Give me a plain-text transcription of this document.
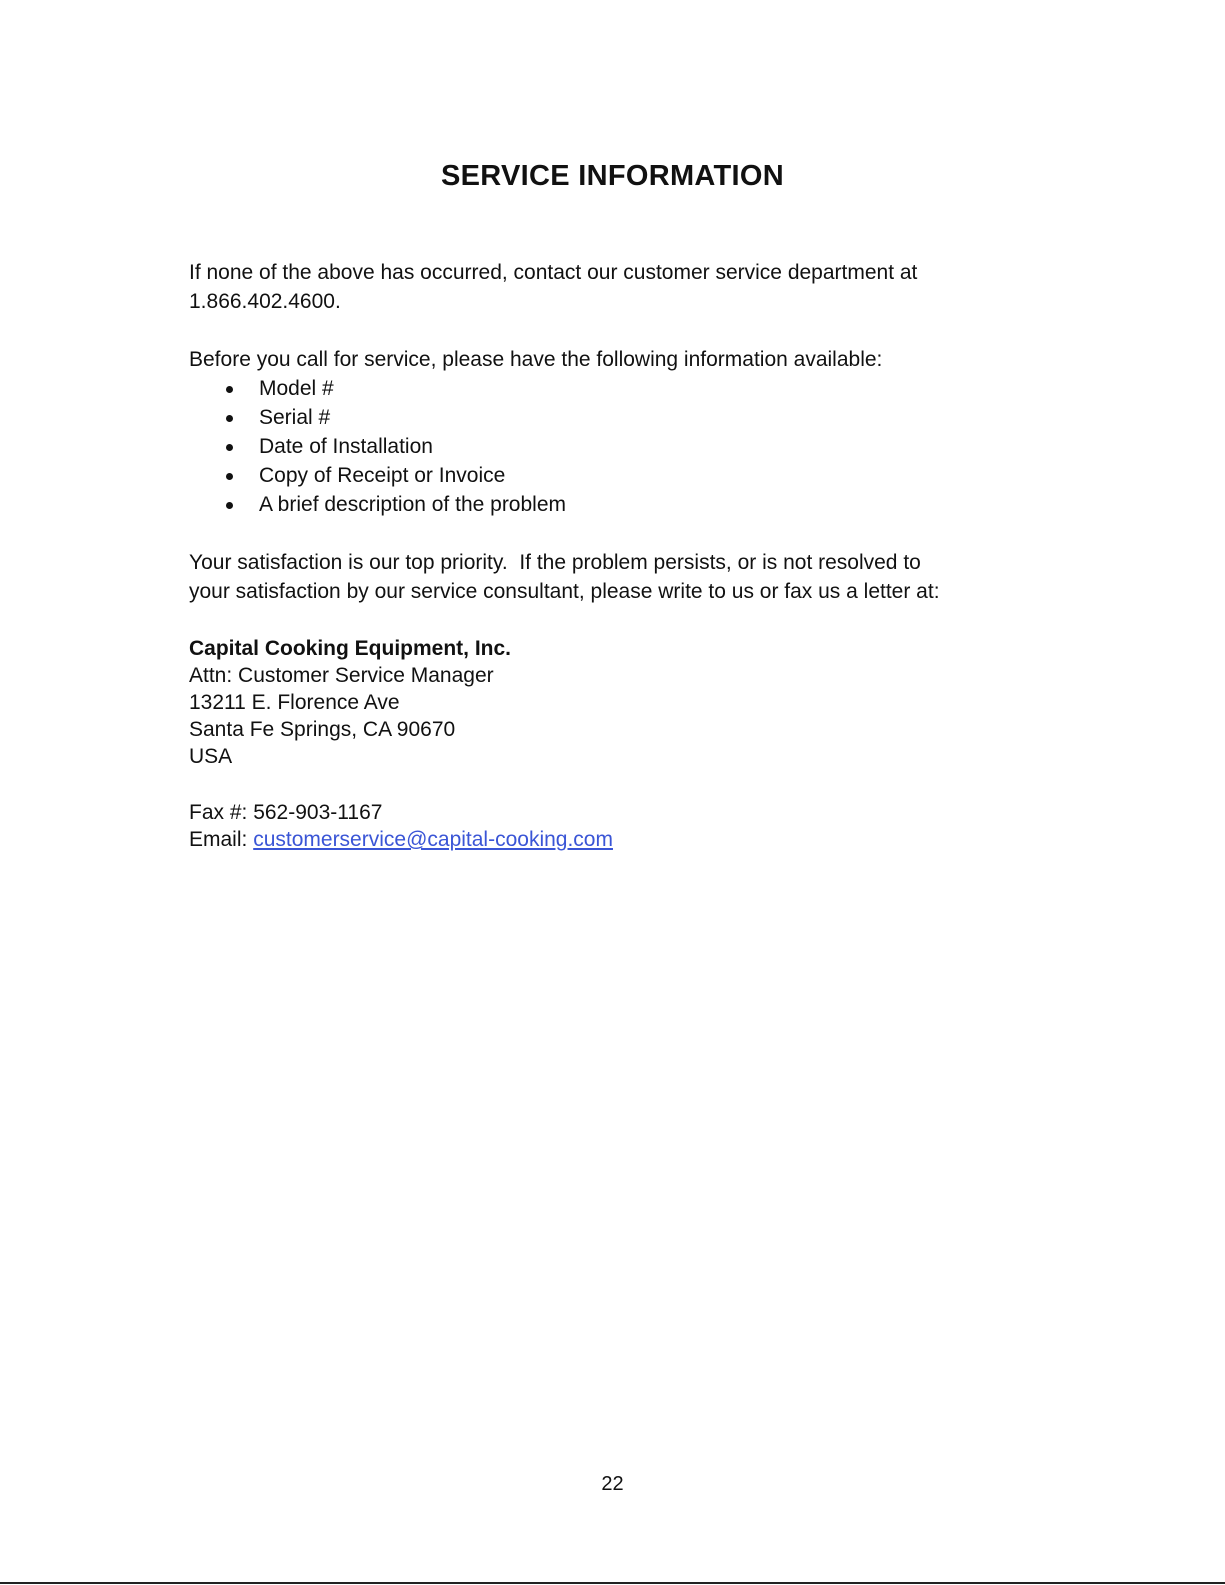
SERVICE INFORMATION

If none of the above has occurred, contact our customer service department at

1.866.402.4600.

Before you call for service, please have the following information available:

Model #
Serial #
Date of Installation
Copy of Receipt or Invoice
A brief description of the problem

Your satisfaction is our top priority.  If the problem persists, or is not resolved to

your satisfaction by our service consultant, please write to us or fax us a letter at:

Capital Cooking Equipment, Inc.
Attn: Customer Service Manager
13211 E. Florence Ave
Santa Fe Springs, CA 90670
USA
Fax #: 562-903-1167
Email: customerservice@capital-cooking.com
22
